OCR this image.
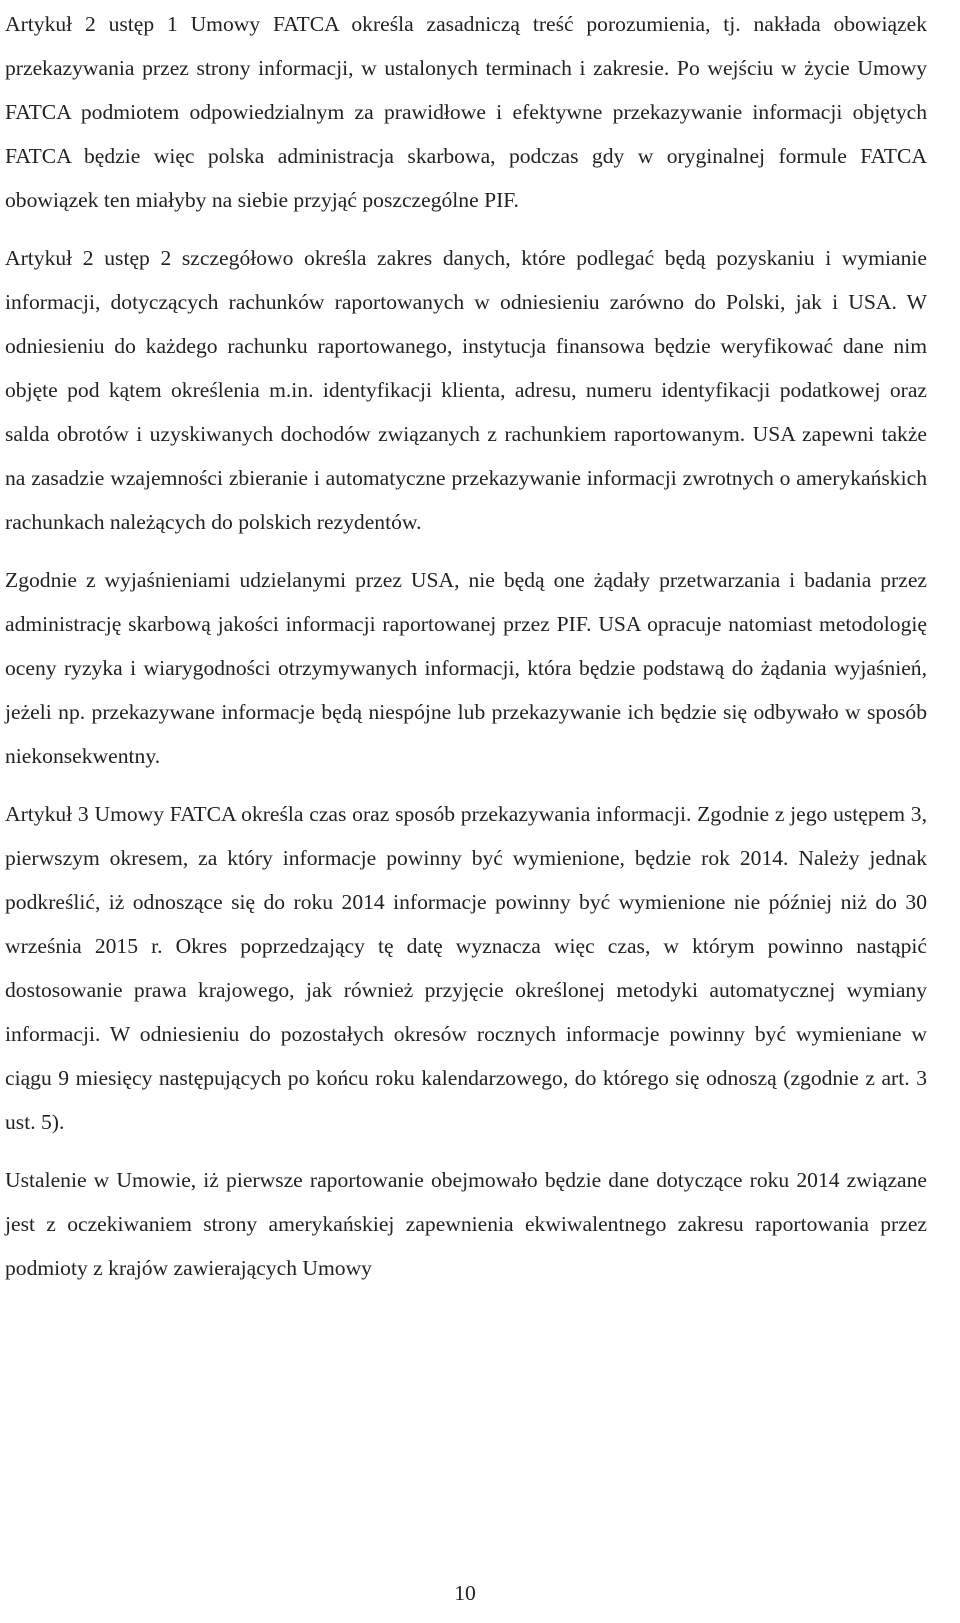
Artykuł 2 ustęp 1 Umowy FATCA określa zasadniczą treść porozumienia, tj. nakłada obowiązek przekazywania przez strony informacji, w ustalonych terminach i zakresie. Po wejściu w życie Umowy FATCA podmiotem odpowiedzialnym za prawidłowe i efektywne przekazywanie informacji objętych FATCA będzie więc polska administracja skarbowa, podczas gdy w oryginalnej formule FATCA obowiązek ten miałyby na siebie przyjąć poszczególne PIF.

Artykuł 2 ustęp 2 szczegółowo określa zakres danych, które podlegać będą pozyskaniu i wymianie informacji, dotyczących rachunków raportowanych w odniesieniu zarówno do Polski, jak i USA. W odniesieniu do każdego rachunku raportowanego, instytucja finansowa będzie weryfikować dane nim objęte pod kątem określenia m.in. identyfikacji klienta, adresu, numeru identyfikacji podatkowej oraz salda obrotów i uzyskiwanych dochodów związanych z rachunkiem raportowanym. USA zapewni także na zasadzie wzajemności zbieranie i automatyczne przekazywanie informacji zwrotnych o amerykańskich rachunkach należących do polskich rezydentów.

Zgodnie z wyjaśnieniami udzielanymi przez USA, nie będą one żądały przetwarzania i badania przez administrację skarbową jakości informacji raportowanej przez PIF. USA opracuje natomiast metodologię oceny ryzyka i wiarygodności otrzymywanych informacji, która będzie podstawą do żądania wyjaśnień, jeżeli np. przekazywane informacje będą niespójne lub przekazywanie ich będzie się odbywało w sposób niekonsekwentny.

Artykuł 3 Umowy FATCA określa czas oraz sposób przekazywania informacji. Zgodnie z jego ustępem 3, pierwszym okresem, za który informacje powinny być wymienione, będzie rok 2014. Należy jednak podkreślić, iż odnoszące się do roku 2014 informacje powinny być wymienione nie później niż do 30 września 2015 r. Okres poprzedzający tę datę wyznacza więc czas, w którym powinno nastąpić dostosowanie prawa krajowego, jak również przyjęcie określonej metodyki automatycznej wymiany informacji. W odniesieniu do pozostałych okresów rocznych informacje powinny być wymieniane w ciągu 9 miesięcy następujących po końcu roku kalendarzowego, do którego się odnoszą (zgodnie z art. 3 ust. 5).

Ustalenie w Umowie, iż pierwsze raportowanie obejmowało będzie dane dotyczące roku 2014 związane jest z oczekiwaniem strony amerykańskiej zapewnienia ekwiwalentnego zakresu raportowania przez podmioty z krajów zawierających Umowy

10
